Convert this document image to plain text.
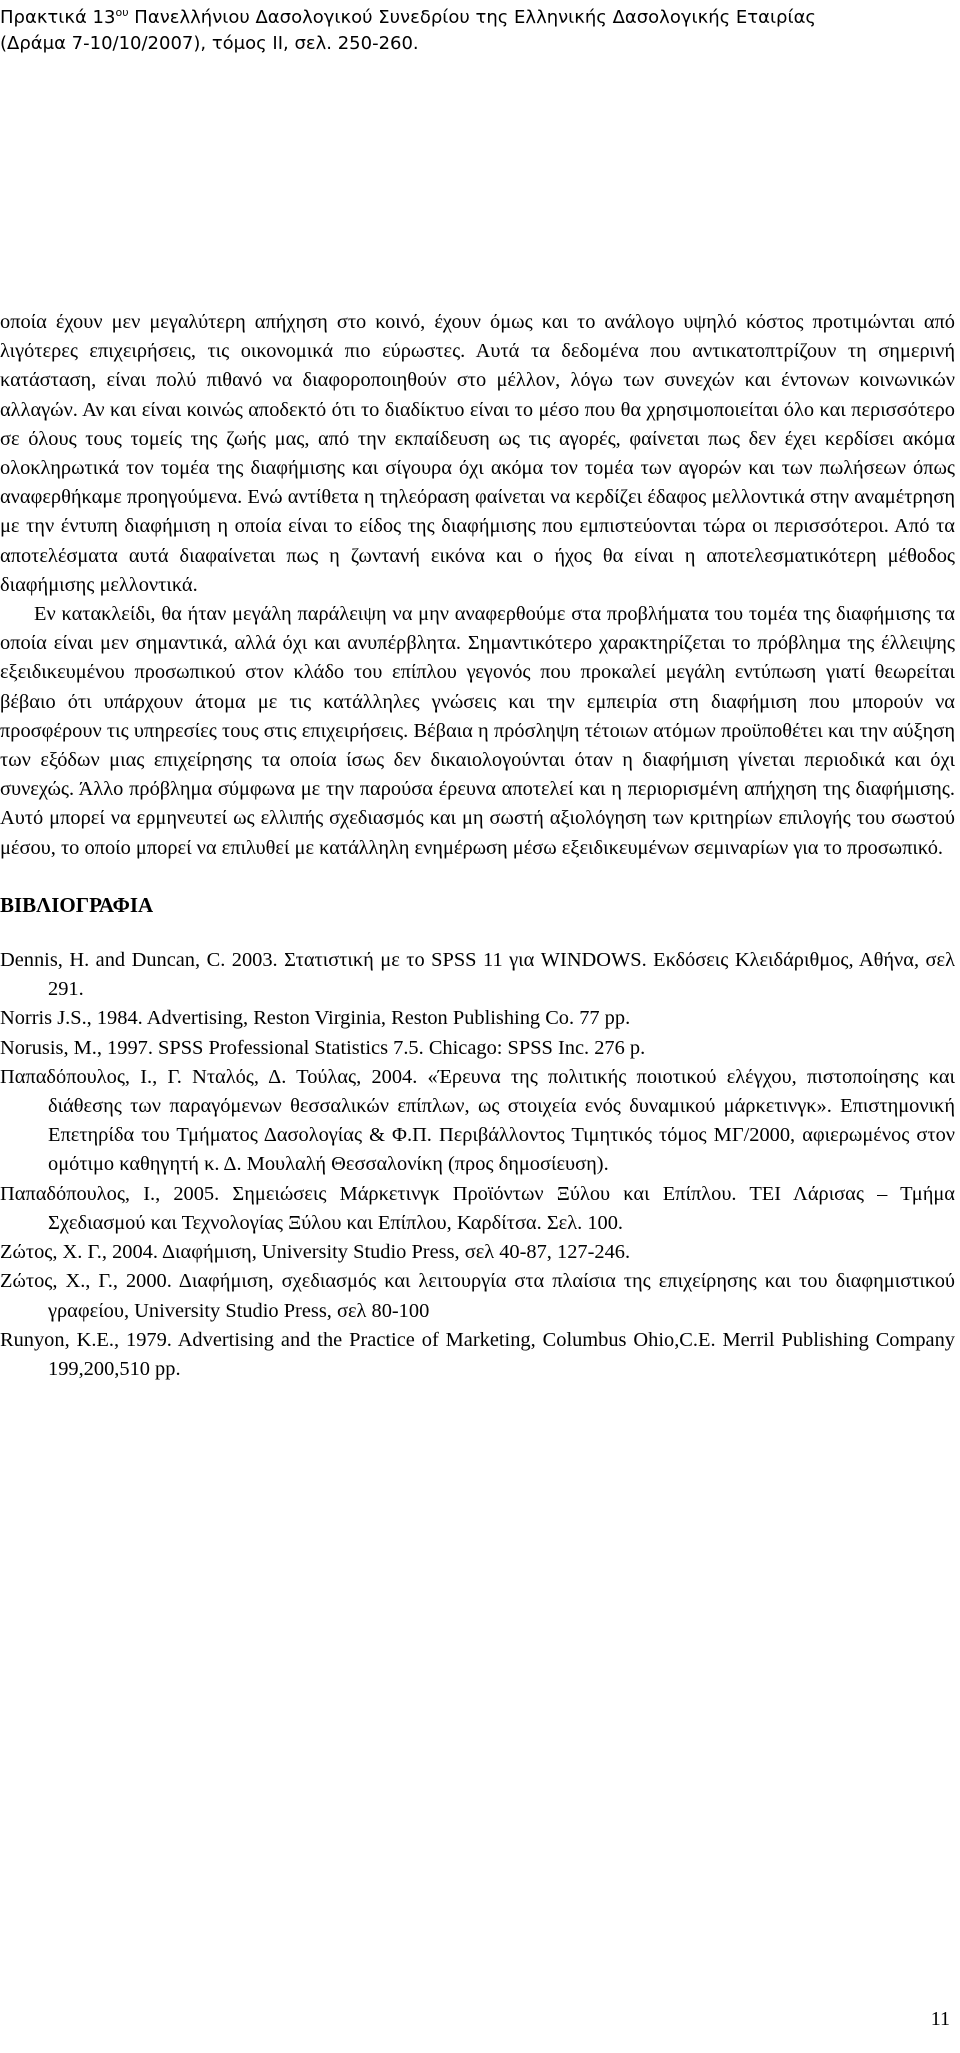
Πρακτικά $13^{o\upsilon}$ Πανελλήνιου Δασολογικού Συνεδρίου της Ελληνικής Δασολογικής Εταιρίας
(Δράμα 7-10/10/2007), τόμος ΙΙ, σελ. 250-260.

οποία έχουν μεν μεγαλύτερη απήχηση στο κοινό, έχουν όμως και το ανάλογο υψηλό κόστος προτιμώνται από λιγότερες επιχειρήσεις, τις οικονομικά πιο εύρωστες. Αυτά τα δεδομένα που αντικατοπτρίζουν τη σημερινή κατάσταση, είναι πολύ πιθανό να διαφοροποιηθούν στο μέλλον, λόγω των συνεχών και έντονων κοινωνικών αλλαγών. Αν και είναι κοινώς αποδεκτό ότι το διαδίκτυο είναι το μέσο που θα χρησιμοποιείται όλο και περισσότερο σε όλους τους τομείς της ζωής μας, από την εκπαίδευση ως τις αγορές, φαίνεται πως δεν έχει κερδίσει ακόμα ολοκληρωτικά τον τομέα της διαφήμισης και σίγουρα όχι ακόμα τον τομέα των αγορών και των πωλήσεων όπως αναφερθήκαμε προηγούμενα. Ενώ αντίθετα η τηλεόραση φαίνεται να κερδίζει έδαφος μελλοντικά στην αναμέτρηση με την έντυπη διαφήμιση η οποία είναι το είδος της διαφήμισης που εμπιστεύονται τώρα οι περισσότεροι. Από τα αποτελέσματα αυτά διαφαίνεται πως η ζωντανή εικόνα και ο ήχος θα είναι η αποτελεσματικότερη μέθοδος διαφήμισης μελλοντικά.

Εν κατακλείδι, θα ήταν μεγάλη παράλειψη να μην αναφερθούμε στα προβλήματα του τομέα της διαφήμισης τα οποία είναι μεν σημαντικά, αλλά όχι και ανυπέρβλητα. Σημαντικότερο χαρακτηρίζεται το πρόβλημα της έλλειψης εξειδικευμένου προσωπικού στον κλάδο του επίπλου γεγονός που προκαλεί μεγάλη εντύπωση γιατί θεωρείται βέβαιο ότι υπάρχουν άτομα με τις κατάλληλες γνώσεις και την εμπειρία στη διαφήμιση που μπορούν να προσφέρουν τις υπηρεσίες τους στις επιχειρήσεις. Βέβαια η πρόσληψη τέτοιων ατόμων προϋποθέτει και την αύξηση των εξόδων μιας επιχείρησης τα οποία ίσως δεν δικαιολογούνται όταν η διαφήμιση γίνεται περιοδικά και όχι συνεχώς. Άλλο πρόβλημα σύμφωνα με την παρούσα έρευνα αποτελεί και η περιορισμένη απήχηση της διαφήμισης. Αυτό μπορεί να ερμηνευτεί ως ελλιπής σχεδιασμός και μη σωστή αξιολόγηση των κριτηρίων επιλογής του σωστού μέσου, το οποίο μπορεί να επιλυθεί με κατάλληλη ενημέρωση μέσω εξειδικευμένων σεμιναρίων για το προσωπικό.

ΒΙΒΛΙΟΓΡΑΦΙΑ

Dennis, H. and Duncan, C. 2003. Στατιστική με το SPSS 11 για WINDOWS. Εκδόσεις Κλειδάριθμος, Αθήνα, σελ 291.

Norris J.S., 1984. Advertising, Reston Virginia, Reston Publishing Co. 77 pp.

Norusis, M., 1997. SPSS Professional Statistics 7.5. Chicago: SPSS Inc. 276 p.

Παπαδόπουλος, Ι., Γ. Νταλός, Δ. Τούλας, 2004. «Έρευνα της πολιτικής ποιοτικού ελέγχου, πιστοποίησης και διάθεσης των παραγόμενων θεσσαλικών επίπλων, ως στοιχεία ενός δυναμικού μάρκετινγκ». Επιστημονική Επετηρίδα του Τμήματος Δασολογίας & Φ.Π. Περιβάλλοντος Τιμητικός τόμος ΜΓ/2000, αφιερωμένος στον ομότιμο καθηγητή κ. Δ. Μουλαλή Θεσσαλονίκη (προς δημοσίευση).

Παπαδόπουλος, Ι., 2005. Σημειώσεις Μάρκετινγκ Προϊόντων Ξύλου και Επίπλου. ΤΕΙ Λάρισας – Τμήμα Σχεδιασμού και Τεχνολογίας Ξύλου και Επίπλου, Καρδίτσα. Σελ. 100.

Ζώτος, Χ. Γ., 2004. Διαφήμιση, University Studio Press, σελ 40-87, 127-246.

Ζώτος, Χ., Γ., 2000. Διαφήμιση, σχεδιασμός και λειτουργία στα πλαίσια της επιχείρησης και του διαφημιστικού γραφείου, University Studio Press, σελ 80-100

Runyon, K.E., 1979. Advertising and the Practice of Marketing, Columbus Ohio,C.E. Merril Publishing Company 199,200,510 pp.

11
